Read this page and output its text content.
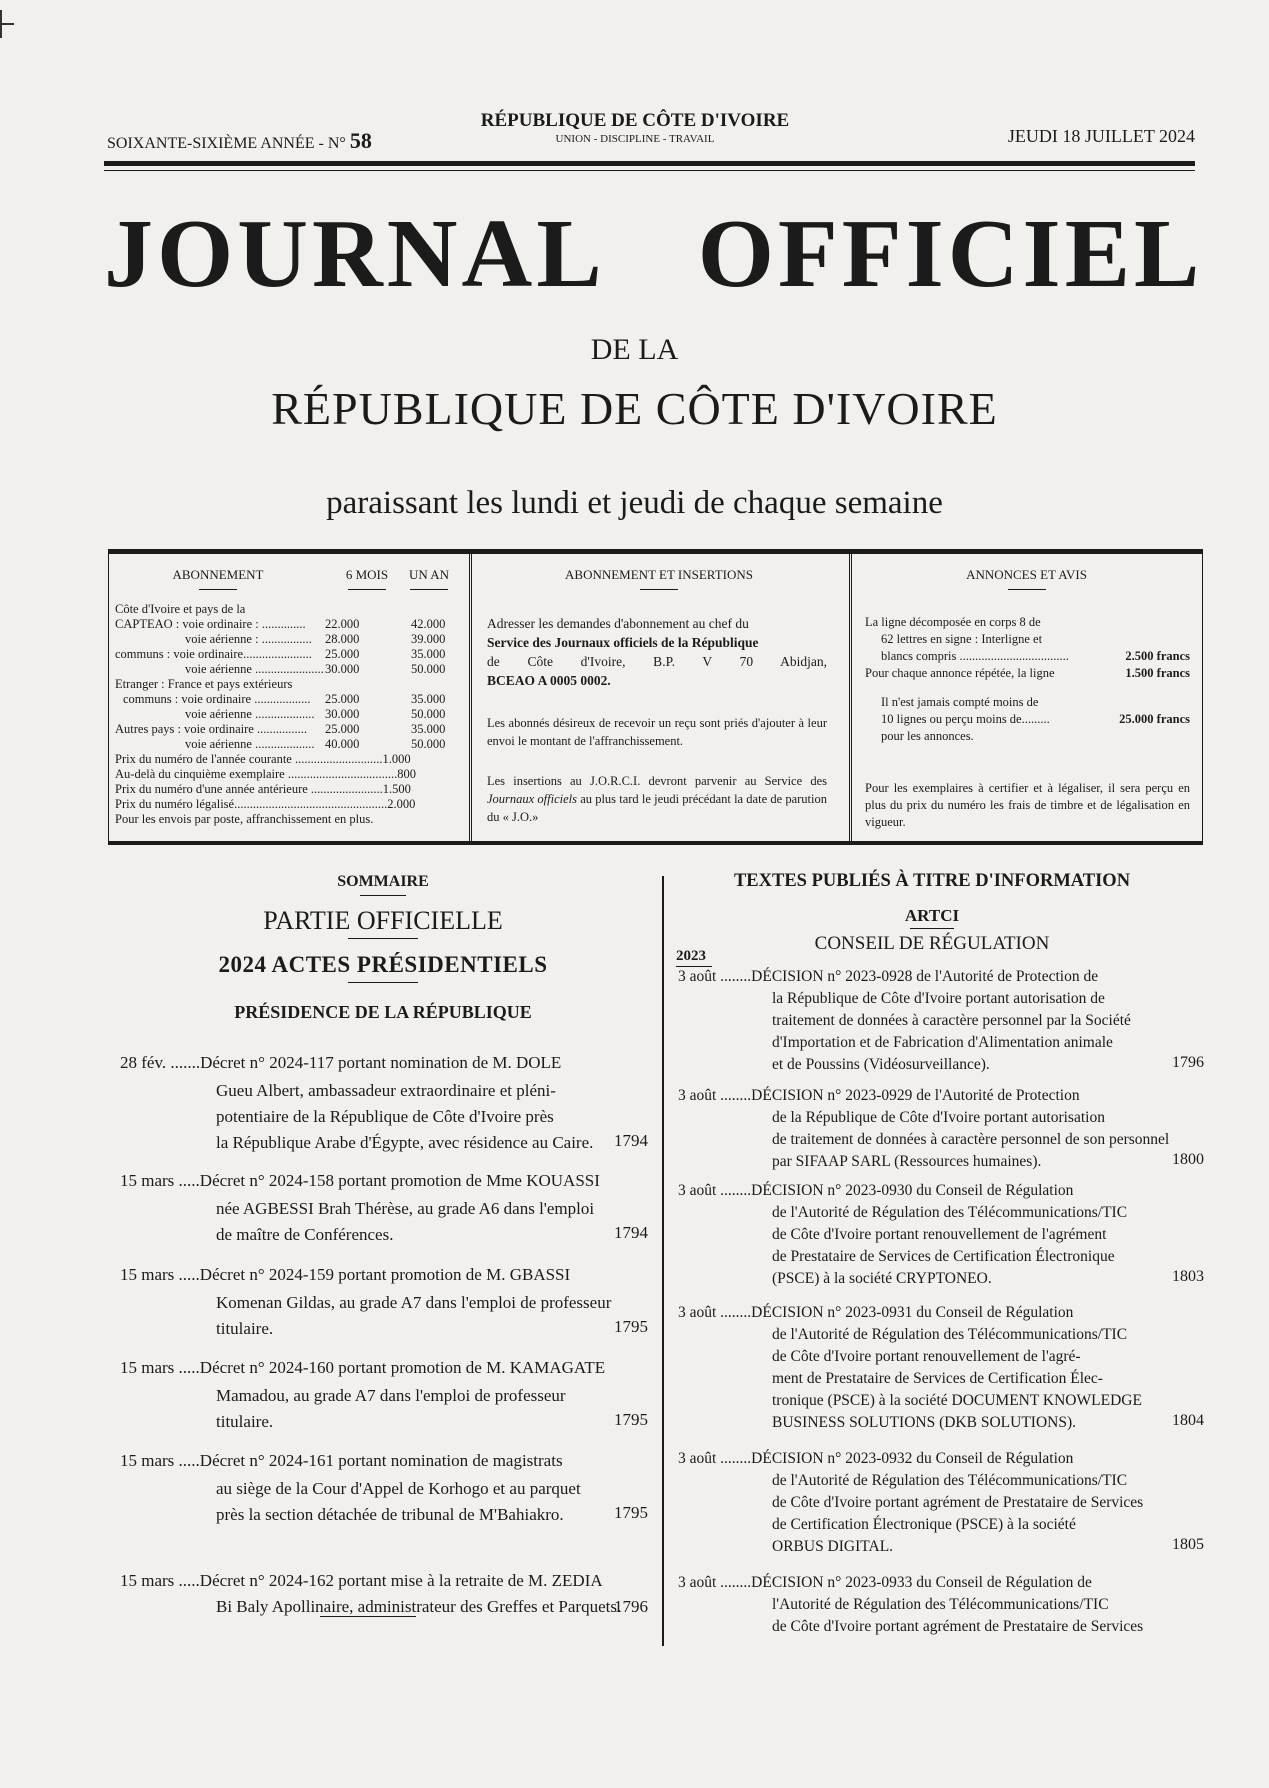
SOIXANTE-SIXIÈME ANNÉE - N° 58
RÉPUBLIQUE DE CÔTE D'IVOIRE
UNION - DISCIPLINE - TRAVAIL	JEUDI 18 JUILLET 2024
JOURNAL OFFICIEL
DE LA
RÉPUBLIQUE DE CÔTE D'IVOIRE
paraissant les lundi et jeudi de chaque semaine
ABONNEMENT	6 MOIS	UN AN
Côte d'Ivoire et pays de la
CAPTEAO : voie ordinaire : .............. 22.000	42.000
voie aérienne : ................ 28.000	39.000
communs : voie ordinaire...................... 25.000	35.000
voie aérienne ...................... 30.000	50.000
Etranger : France et pays extérieurs
communs : voie ordinaire .................. 25.000	35.000
voie aérienne ................... 30.000	50.000
Autres pays : voie ordinaire ................ 25.000	35.000
voie aérienne ................... 40.000	50.000
Prix du numéro de l'année courante ............................1.000
Au-delà du cinquième exemplaire ...................................800
Prix du numéro d'une année antérieure .......................1.500
Prix du numéro légalisé.................................................2.000
Pour les envois par poste, affranchissement en plus.
ABONNEMENT ET INSERTIONS
Adresser les demandes d'abonnement au chef du
Service des Journaux officiels de la République
de Côte d'Ivoire, B.P. V 70 Abidjan,
BCEAO A 0005 0002.
Les abonnés désireux de recevoir un reçu sont priés d'ajouter à leur envoi le montant de l'affranchissement.
Les insertions au J.O.R.C.I. devront parvenir au Service des Journaux officiels au plus tard le jeudi précédant la date de parution du « J.O.»
ANNONCES ET AVIS
La ligne décomposée en corps 8 de
62 lettres en signe : Interligne et
blancs compris ...................................	2.500 francs
Pour chaque annonce répétée, la ligne	1.500 francs
Il n'est jamais compté moins de
10 lignes ou perçu moins de.........	25.000 francs
pour les annonces.
Pour les exemplaires à certifier et à légaliser, il sera perçu en plus du prix du numéro les frais de timbre et de légalisation en vigueur.
SOMMAIRE
PARTIE OFFICIELLE
2024 ACTES PRÉSIDENTIELS
PRÉSIDENCE DE LA RÉPUBLIQUE
28 fév. .......Décret n° 2024-117 portant nomination de M. DOLE
Gueu Albert, ambassadeur extraordinaire et pléni-
potentiaire de la République de Côte d'Ivoire près
la République Arabe d'Égypte, avec résidence au Caire.	1794
15 mars .....Décret n° 2024-158 portant promotion de Mme KOUASSI
née AGBESSI Brah Thérèse, au grade A6 dans l'emploi
de maître de Conférences.	1794
15 mars .....Décret n° 2024-159 portant promotion de M. GBASSI
Komenan Gildas, au grade A7 dans l'emploi de professeur
titulaire.	1795
15 mars .....Décret n° 2024-160 portant promotion de M. KAMAGATE
Mamadou, au grade A7 dans l'emploi de professeur
titulaire.	1795
15 mars .....Décret n° 2024-161 portant nomination de magistrats
au siège de la Cour d'Appel de Korhogo et au parquet
près la section détachée de tribunal de M'Bahiakro.	1795
15 mars .....Décret n° 2024-162 portant mise à la retraite de M. ZEDIA
Bi Baly Apollinaire, administrateur des Greffes et Parquets.
1796
TEXTES PUBLIÉS À TITRE D'INFORMATION
ARTCI
CONSEIL DE RÉGULATION
2023
3 août ........DÉCISION n° 2023-0928 de l'Autorité de Protection de
la République de Côte d'Ivoire portant autorisation de
traitement de données à caractère personnel par la Société
d'Importation et de Fabrication d'Alimentation animale
et de Poussins (Vidéosurveillance).	1796
3 août ........DÉCISION n° 2023-0929 de l'Autorité de Protection
de la République de Côte d'Ivoire portant autorisation
de traitement de données à caractère personnel de son personnel
par SIFAAP SARL (Ressources humaines).	1800
3 août ........DÉCISION n° 2023-0930 du Conseil de Régulation
de l'Autorité de Régulation des Télécommunications/TIC
de Côte d'Ivoire portant renouvellement de l'agrément
de Prestataire de Services de Certification Électronique
(PSCE) à la société CRYPTONEO.	1803
3 août ........DÉCISION n° 2023-0931 du Conseil de Régulation
de l'Autorité de Régulation des Télécommunications/TIC
de Côte d'Ivoire portant renouvellement de l'agré-
ment de Prestataire de Services de Certification Élec-
tronique (PSCE) à la société DOCUMENT KNOWLEDGE
BUSINESS SOLUTIONS (DKB SOLUTIONS).	1804
3 août ........DÉCISION n° 2023-0932 du Conseil de Régulation
de l'Autorité de Régulation des Télécommunications/TIC
de Côte d'Ivoire portant agrément de Prestataire de Services
de Certification Électronique (PSCE) à la société
ORBUS DIGITAL.	1805
3 août ........DÉCISION n° 2023-0933 du Conseil de Régulation de
l'Autorité de Régulation des Télécommunications/TIC
de Côte d'Ivoire portant agrément de Prestataire de Services
